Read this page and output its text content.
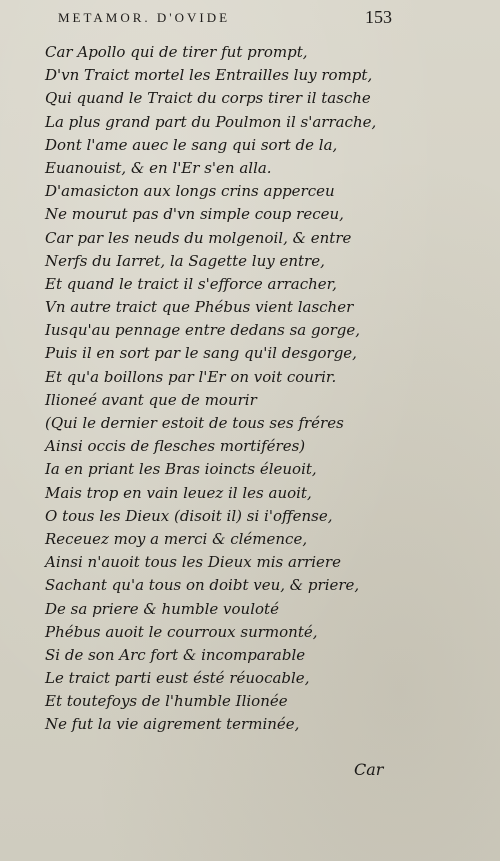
METAMOR. D'OVIDE	153
Car Apollo qui de tirer fut prompt,
D'vn Traict mortel les Entrailles luy rompt,
Qui quand le Traict du corps tirer il tasche
La plus grand part du Poulmon il s'arrache,
Dont l'ame auec le sang qui sort de la,
Euanouist, & en l'Er s'en alla.
D'amasicton aux longs crins apperceu
Ne mourut pas d'vn simple coup receu,
Car par les neuds du molgenoil, & entre
Nerfs du Iarret, la Sagette luy entre,
Et quand le traict il s'efforce arracher,
Vn autre traict que Phébus vient lascher
Iusqu'au pennage entre dedans sa gorge,
Puis il en sort par le sang qu'il desgorge,
Et qu'a boillons par l'Er on voit courir.
Ilioneé avant que de mourir
(Qui le dernier estoit de tous ses fréres
Ainsi occis de flesches mortiféres)
Ia en priant les Bras ioincts éleuoit,
Mais trop en vain leuez il les auoit,
O tous les Dieux (disoit il) si i'offense,
Receuez moy a merci & clémence,
Ainsi n'auoit tous les Dieux mis arriere
Sachant qu'a tous on doibt veu, & priere,
De sa priere & humble vouloté
Phébus auoit le courroux surmonté,
Si de son Arc fort & incomparable
Le traict parti eust ésté réuocable,
Et toutefoys de l'humble Ilionée
Ne fut la vie aigrement terminée,
Car
